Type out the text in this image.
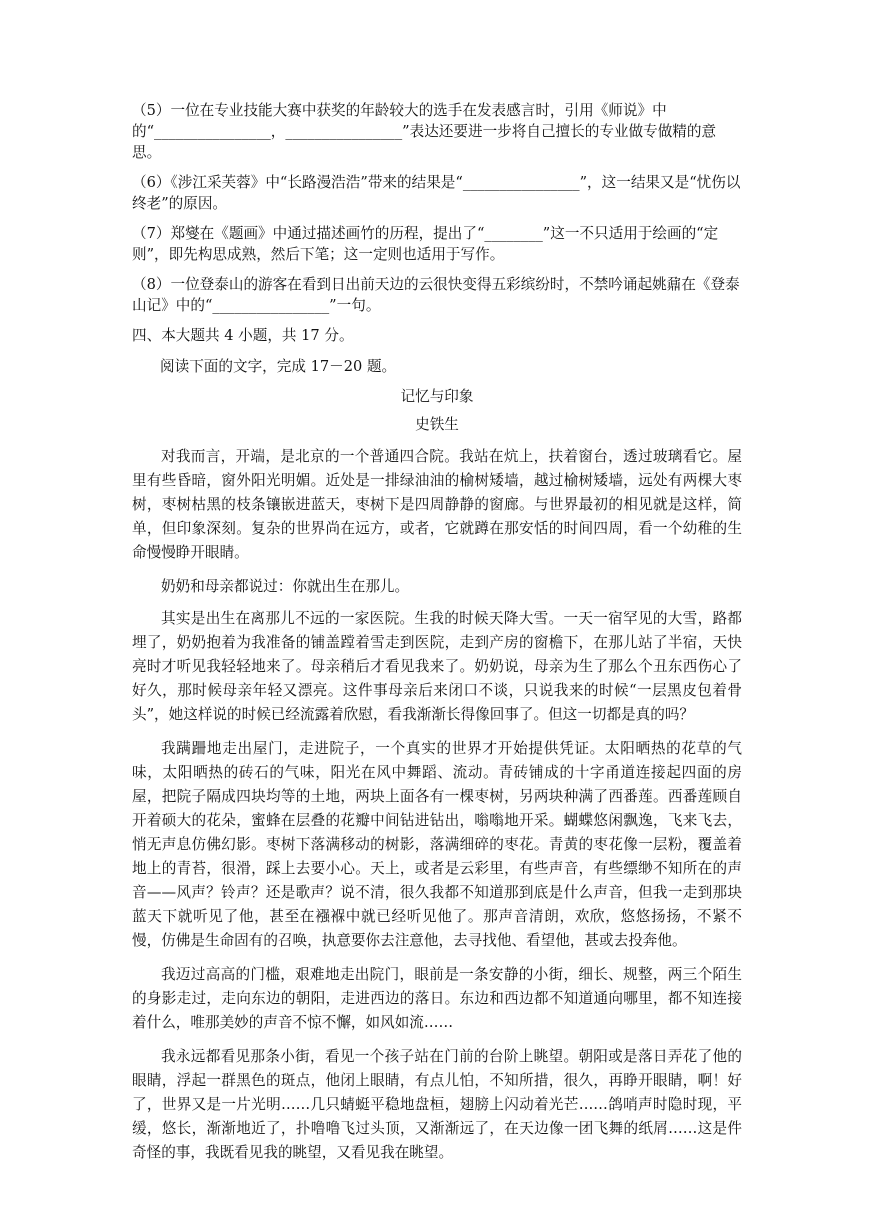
（5）一位在专业技能大赛中获奖的年龄较大的选手在发表感言时，引用《师说》中的“________________，________________”表达还要进一步将自己擅长的专业做专做精的意思。

（6）《涉江采芙蓉》中“长路漫浩浩”带来的结果是“________________”，这一结果又是“忧伤以终老”的原因。

（7）郑燮在《题画》中通过描述画竹的历程，提出了“________”这一不只适用于绘画的“定则”，即先构思成熟，然后下笔；这一定则也适用于写作。

（8）一位登泰山的游客在看到日出前天边的云很快变得五彩缤纷时，不禁吟诵起姚鼐在《登泰山记》中的“________________”一句。

四、本大题共 4 小题，共 17 分。

阅读下面的文字，完成 17－20 题。

记忆与印象

史铁生

对我而言，开端，是北京的一个普通四合院。我站在炕上，扶着窗台，透过玻璃看它。屋里有些昏暗，窗外阳光明媚。近处是一排绿油油的榆树矮墙，越过榆树矮墙，远处有两棵大枣树，枣树枯黑的枝条镶嵌进蓝天，枣树下是四周静静的窗廊。与世界最初的相见就是这样，简单，但印象深刻。复杂的世界尚在远方，或者，它就蹲在那安恬的时间四周，看一个幼稚的生命慢慢睁开眼睛。

奶奶和母亲都说过：你就出生在那儿。

其实是出生在离那儿不远的一家医院。生我的时候天降大雪。一天一宿罕见的大雪，路都埋了，奶奶抱着为我准备的铺盖蹚着雪走到医院，走到产房的窗檐下，在那儿站了半宿，天快亮时才听见我轻轻地来了。母亲稍后才看见我来了。奶奶说，母亲为生了那么个丑东西伤心了好久，那时候母亲年轻又漂亮。这件事母亲后来闭口不谈，只说我来的时候“一层黑皮包着骨头”，她这样说的时候已经流露着欣慰，看我渐渐长得像回事了。但这一切都是真的吗？

我蹒跚地走出屋门，走进院子，一个真实的世界才开始提供凭证。太阳晒热的花草的气味，太阳晒热的砖石的气味，阳光在风中舞蹈、流动。青砖铺成的十字甬道连接起四面的房屋，把院子隔成四块均等的土地，两块上面各有一棵枣树，另两块种满了西番莲。西番莲顾自开着硕大的花朵，蜜蜂在层叠的花瓣中间钻进钻出，嗡嗡地开采。蝴蝶悠闲飘逸，飞来飞去，悄无声息仿佛幻影。枣树下落满移动的树影，落满细碎的枣花。青黄的枣花像一层粉，覆盖着地上的青苔，很滑，踩上去要小心。天上，或者是云彩里，有些声音，有些缥缈不知所在的声音——风声？铃声？还是歌声？说不清，很久我都不知道那到底是什么声音，但我一走到那块蓝天下就听见了他，甚至在襁褓中就已经听见他了。那声音清朗，欢欣，悠悠扬扬，不紧不慢，仿佛是生命固有的召唤，执意要你去注意他，去寻找他、看望他，甚或去投奔他。

我迈过高高的门槛，艰难地走出院门，眼前是一条安静的小街，细长、规整，两三个陌生的身影走过，走向东边的朝阳，走进西边的落日。东边和西边都不知道通向哪里，都不知连接着什么，唯那美妙的声音不惊不懈，如风如流……

我永远都看见那条小街，看见一个孩子站在门前的台阶上眺望。朝阳或是落日弄花了他的眼睛，浮起一群黑色的斑点，他闭上眼睛，有点儿怕，不知所措，很久，再睁开眼睛，啊！好了，世界又是一片光明……几只蜻蜓平稳地盘桓，翅膀上闪动着光芒……鸽哨声时隐时现，平缓，悠长，渐渐地近了，扑噜噜飞过头顶，又渐渐远了，在天边像一团飞舞的纸屑……这是件奇怪的事，我既看见我的眺望，又看见我在眺望。
